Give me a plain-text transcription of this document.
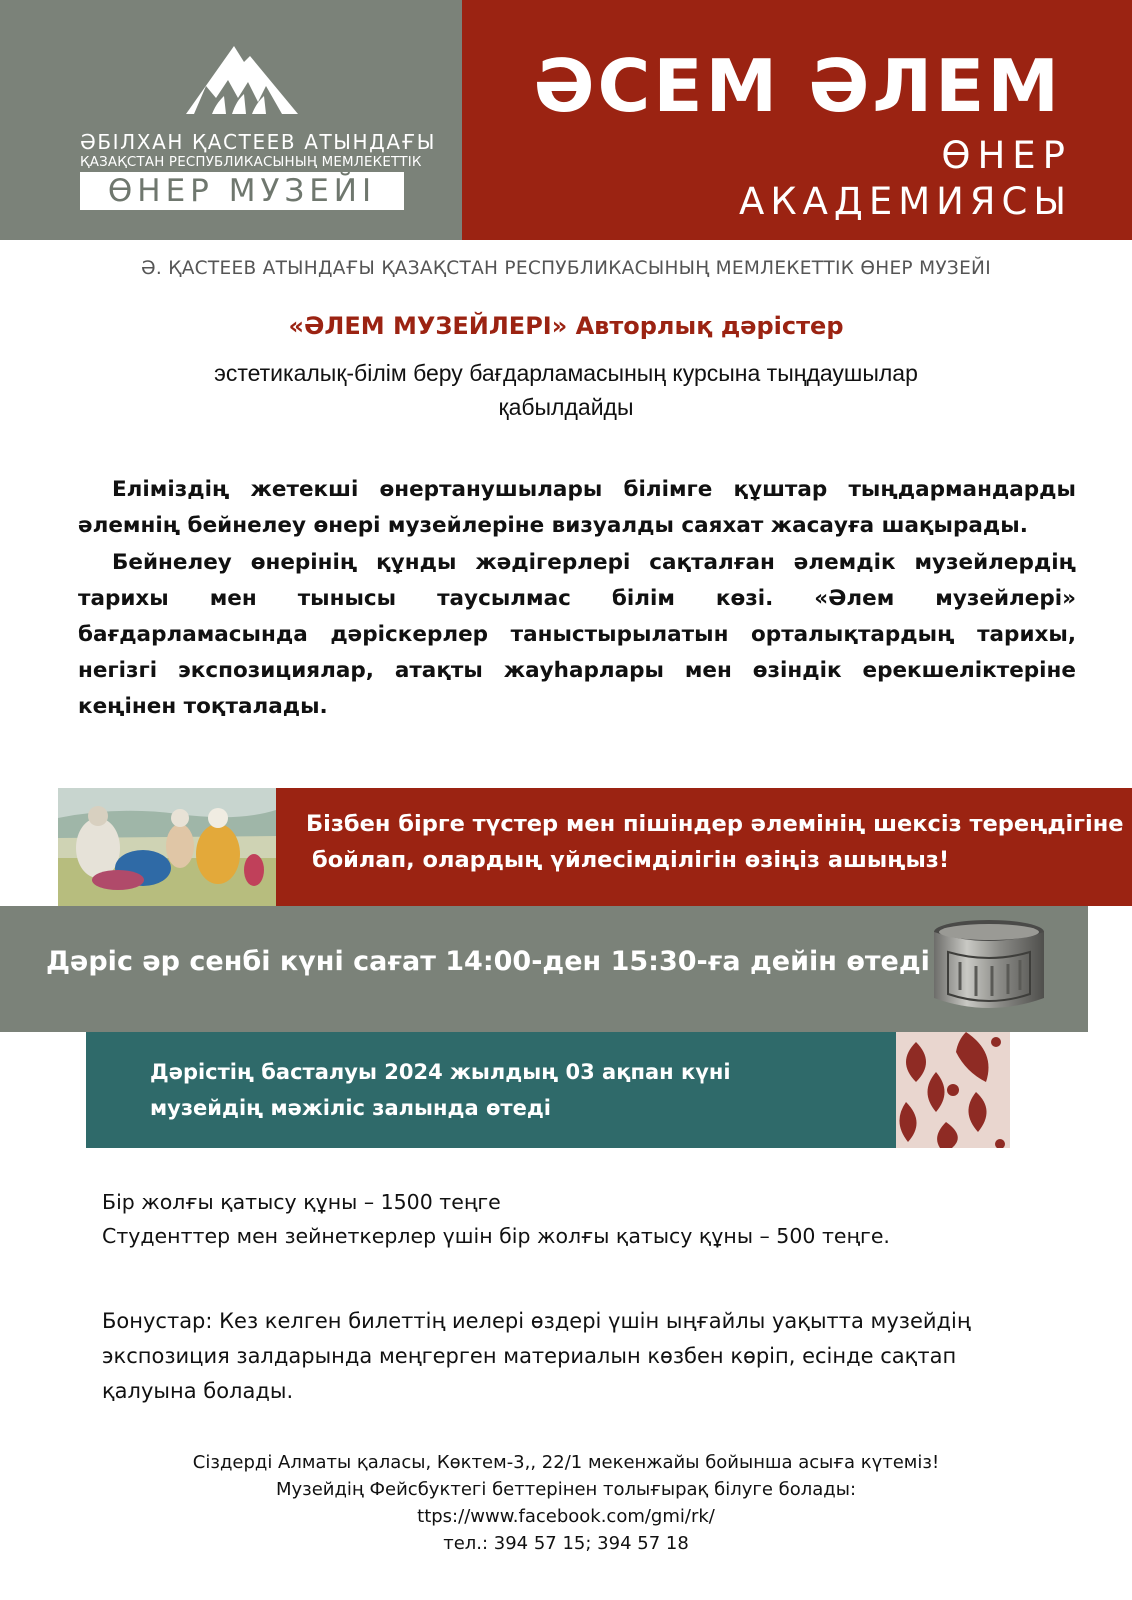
ӘБІЛХАН ҚАСТЕЕВ АТЫНДАҒЫ
ҚАЗАҚСТАН РЕСПУБЛИКАСЫНЫҢ МЕМЛЕКЕТТІК
ӨНЕР МУЗЕЙІ
ӘСЕМ ӘЛЕМ
ӨНЕР
АКАДЕМИЯСЫ
Ә. ҚАСТЕЕВ АТЫНДАҒЫ ҚАЗАҚСТАН РЕСПУБЛИКАСЫНЫҢ МЕМЛЕКЕТТІК ӨНЕР МУЗЕЙІ
«ӘЛЕМ МУЗЕЙЛЕРІ» Авторлық дәрістер
эстетикалық-білім беру бағдарламасының курсына тыңдаушылар қабылдайды
Еліміздің жетекші өнертанушылары білімге құштар тыңдармандарды әлемнің бейнелеу өнері музейлеріне визуалды саяхат жасауға шақырады.
Бейнелеу өнерінің құнды жәдігерлері сақталған әлемдік музейлердің тарихы мен тынысы таусылмас білім көзі. «Әлем музейлері» бағдарламасында дәрiскерлер таныстырылатын орталықтардың тарихы, негізгі экспозициялар, атақты жауһарлары мен өзіндік ерекшеліктеріне кеңінен тоқталады.
Бізбен бірге түстер мен пішіндер әлемінің шексіз тереңдігіне
бойлап, олардың үйлесімділігін өзіңіз ашыңыз!
Дәріс әр сенбі күні сағат 14:00-ден 15:30-ға дейін өтеді
Дәрістің басталуы 2024 жылдың 03 ақпан күні
музейдің мәжіліс залында өтеді
Бір жолғы қатысу құны – 1500 теңге
Студенттер мен зейнеткерлер үшін бір жолғы қатысу құны – 500 теңге.
Бонустар: Кез келген билеттің иелері өздері үшін ыңғайлы уақытта музейдің экспозиция залдарында меңгерген материалын көзбен көріп, есінде сақтап қалуына болады.
Сіздерді Алматы қаласы, Көктем-3,, 22/1 мекенжайы бойынша асыға күтеміз!
Музейдің Фейсбуктегі беттерінен толығырақ білуге болады:
ttps://www.facebook.com/gmi/rk/
тел.: 394 57 15; 394 57 18
